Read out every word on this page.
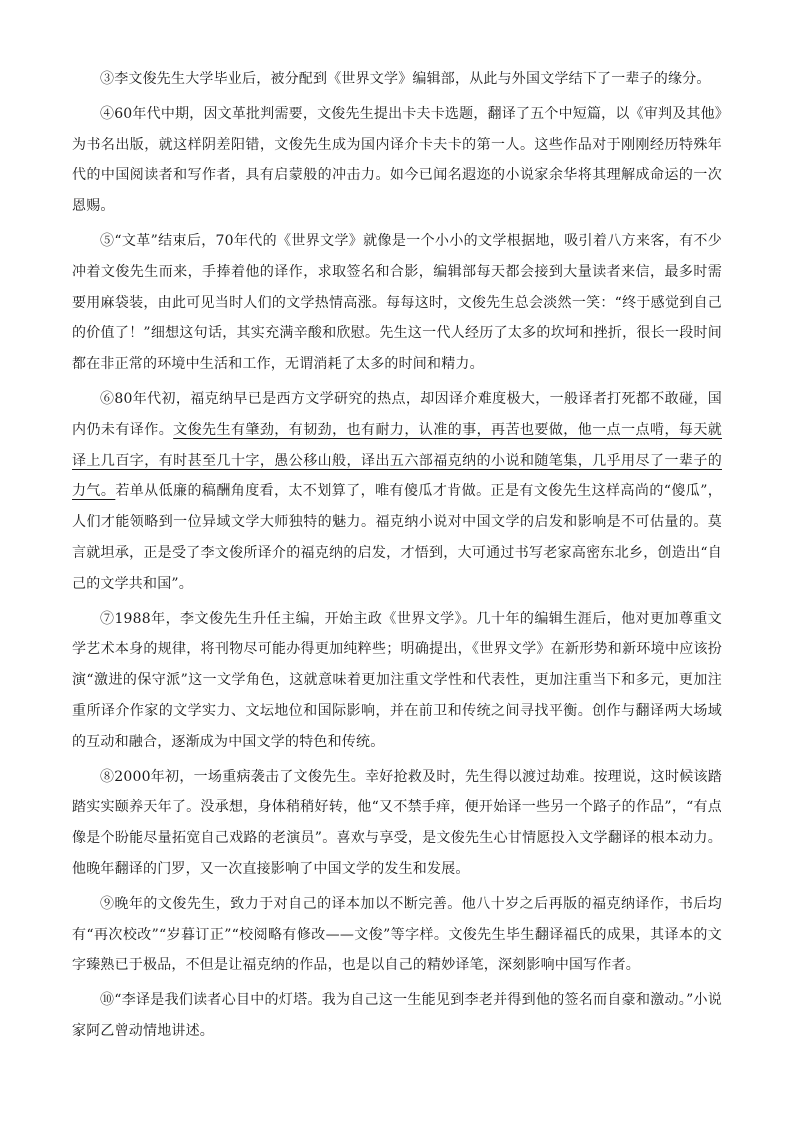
③李文俊先生大学毕业后，被分配到《世界文学》编辑部，从此与外国文学结下了一辈子的缘分。

④60年代中期，因文革批判需要，文俊先生提出卡夫卡选题，翻译了五个中短篇，以《审判及其他》为书名出版，就这样阴差阳错，文俊先生成为国内译介卡夫卡的第一人。这些作品对于刚刚经历特殊年代的中国阅读者和写作者，具有启蒙般的冲击力。如今已闻名遐迩的小说家余华将其理解成命运的一次恩赐。

⑤“文革”结束后，70年代的《世界文学》就像是一个小小的文学根据地，吸引着八方来客，有不少冲着文俊先生而来，手捧着他的译作，求取签名和合影，编辑部每天都会接到大量读者来信，最多时需要用麻袋装，由此可见当时人们的文学热情高涨。每每这时，文俊先生总会淡然一笑：“终于感觉到自己的价值了！”细想这句话，其实充满辛酸和欣慰。先生这一代人经历了太多的坎坷和挫折，很长一段时间都在非正常的环境中生活和工作，无谓消耗了太多的时间和精力。

⑥80年代初，福克纳早已是西方文学研究的热点，却因译介难度极大，一般译者打死都不敢碰，国内仍未有译作。文俊先生有肇劲，有韧劲，也有耐力，认准的事，再苦也要做，他一点一点啃，每天就译上几百字，有时甚至几十字，愚公移山般，译出五六部福克纳的小说和随笔集，几乎用尽了一辈子的力气。若单从低廉的稿酬角度看，太不划算了，唯有傻瓜才肯做。正是有文俊先生这样高尚的“傻瓜”，人们才能领略到一位异域文学大师独特的魅力。福克纳小说对中国文学的启发和影响是不可估量的。莫言就坦承，正是受了李文俊所译介的福克纳的启发，才悟到，大可通过书写老家高密东北乡，创造出“自己的文学共和国”。

⑦1988年，李文俊先生升任主编，开始主政《世界文学》。几十年的编辑生涯后，他对更加尊重文学艺术本身的规律，将刊物尽可能办得更加纯粹些；明确提出，《世界文学》在新形势和新环境中应该扮演“激进的保守派”这一文学角色，这就意味着更加注重文学性和代表性，更加注重当下和多元，更加注重所译介作家的文学实力、文坛地位和国际影响，并在前卫和传统之间寻找平衡。创作与翻译两大场域的互动和融合，逐渐成为中国文学的特色和传统。

⑧2000年初，一场重病袭击了文俊先生。幸好抢救及时，先生得以渡过劫难。按理说，这时候该踏踏实实颐养天年了。没承想，身体稍稍好转，他“又不禁手痒，便开始译一些另一个路子的作品”，“有点像是个盼能尽量拓宽自己戏路的老演员”。喜欢与享受，是文俊先生心甘情愿投入文学翻译的根本动力。他晚年翻译的门罗，又一次直接影响了中国文学的发生和发展。

⑨晚年的文俊先生，致力于对自己的译本加以不断完善。他八十岁之后再版的福克纳译作，书后均有“再次校改”“岁暮订正”“校阅略有修改——文俊”等字样。文俊先生毕生翻译福氏的成果，其译本的文字臻熟已于极品，不但是让福克纳的作品，也是以自己的精妙译笔，深刻影响中国写作者。

⑩“李译是我们读者心目中的灯塔。我为自己这一生能见到李老并得到他的签名而自豪和激动。”小说家阿乙曾动情地讲述。
